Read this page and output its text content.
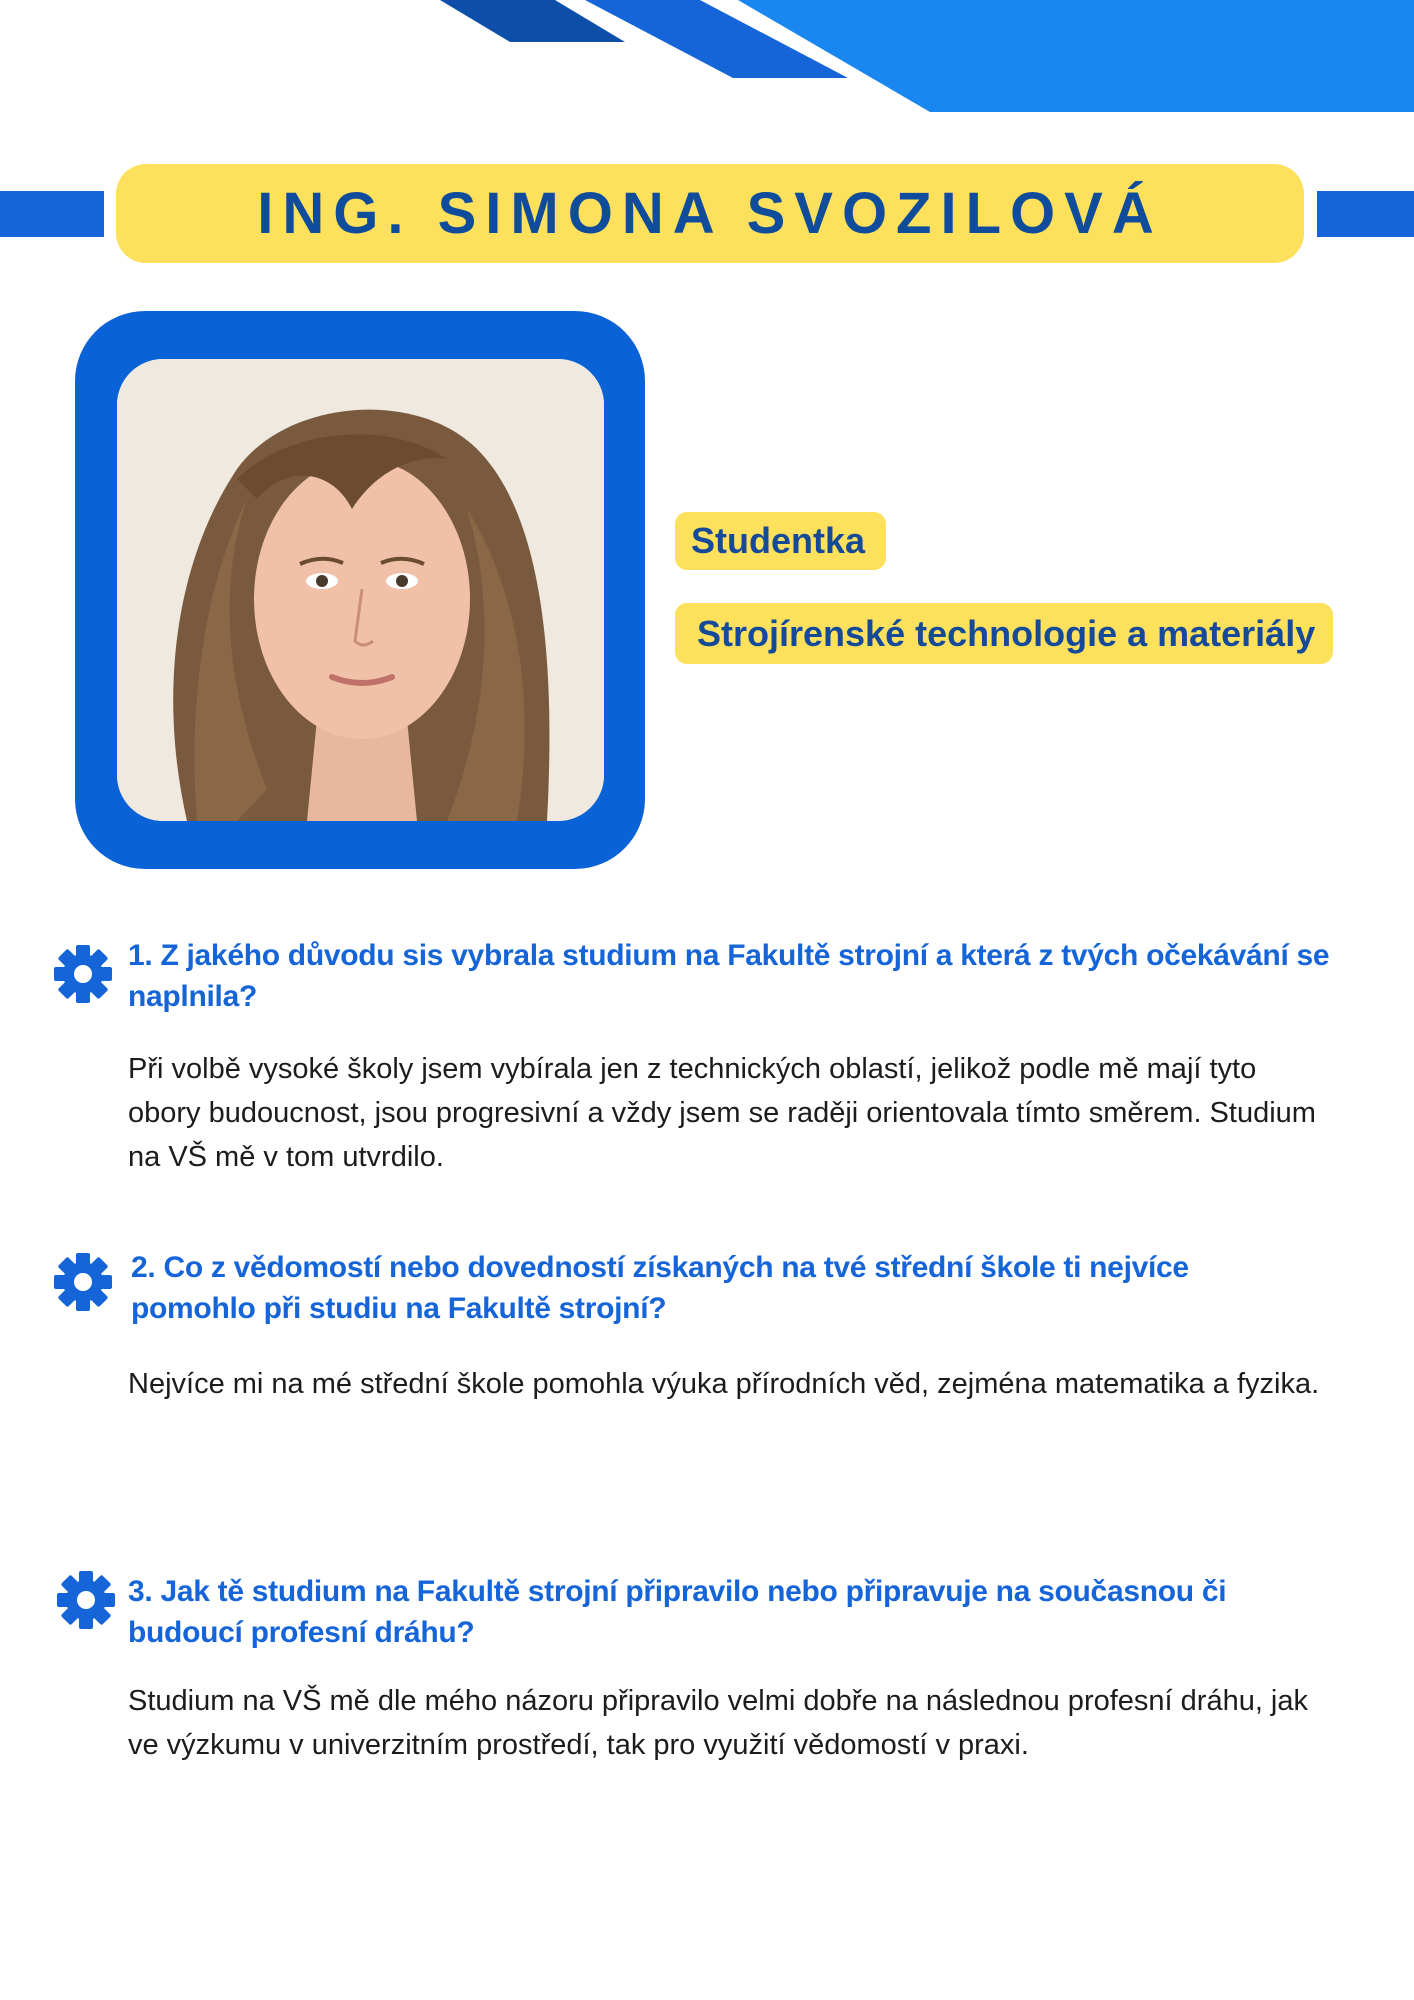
ING. SIMONA SVOZILOVÁ
Studentka
Strojírenské technologie a materiály

1. Z jakého důvodu sis vybrala studium na Fakultě strojní a která z tvých očekávání se naplnila?

Při volbě vysoké školy jsem vybírala jen z technických oblastí, jelikož podle mě mají tyto obory budoucnost, jsou progresivní a vždy jsem se raději orientovala tímto směrem. Studium na VŠ mě v tom utvrdilo.

2. Co z vědomostí nebo dovedností získaných na tvé střední škole ti nejvíce pomohlo při studiu na Fakultě strojní?

Nejvíce mi na mé střední škole pomohla výuka přírodních věd, zejména matematika a fyzika.

3. Jak tě studium na Fakultě strojní připravilo nebo připravuje na současnou či budoucí profesní dráhu?

Studium na VŠ mě dle mého názoru připravilo velmi dobře na následnou profesní dráhu, jak ve výzkumu v univerzitním prostředí, tak pro využití vědomostí v praxi.
